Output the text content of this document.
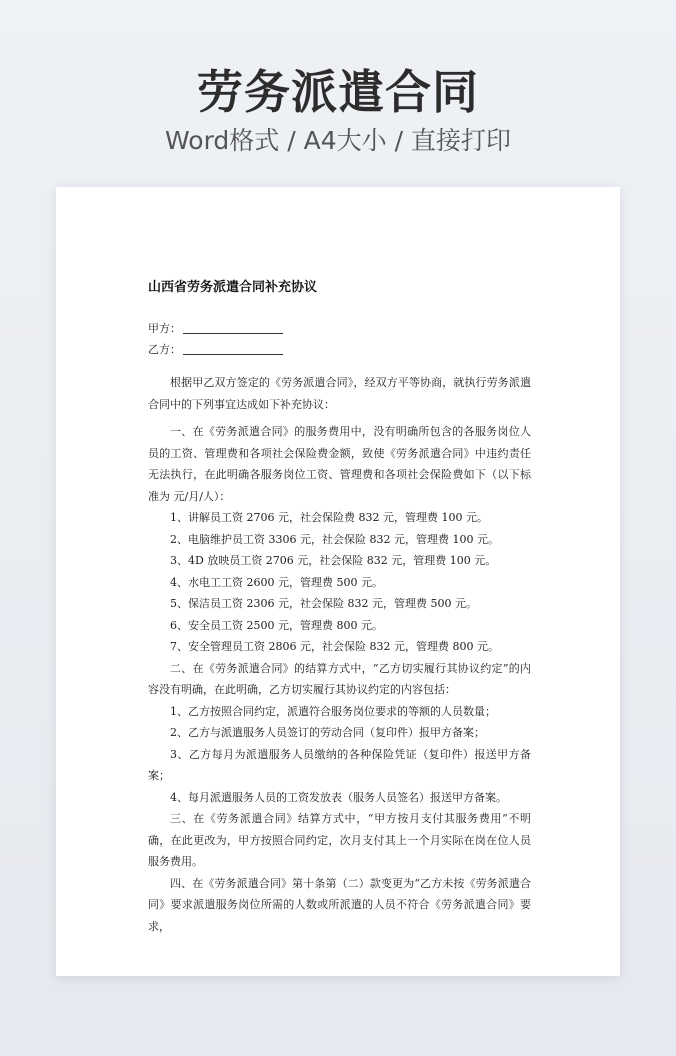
劳务派遣合同
Word格式 / A4大小 / 直接打印
山西省劳务派遣合同补充协议
甲方：
乙方：

根据甲乙双方签定的《劳务派遣合同》，经双方平等协商，就执行劳务派遣合同中的下列事宜达成如下补充协议：

一、在《劳务派遣合同》的服务费用中，没有明确所包含的各服务岗位人员的工资、管理费和各项社会保险费金额，致使《劳务派遣合同》中违约责任无法执行，在此明确各服务岗位工资、管理费和各项社会保险费如下（以下标准为 元/月/人）：

1、讲解员工资 2706 元，社会保险费 832 元，管理费 100 元。

2、电脑维护员工资 3306 元，社会保险 832 元，管理费 100 元。

3、4D 放映员工资 2706 元，社会保险 832 元，管理费 100 元。

4、水电工工资 2600 元，管理费 500 元。

5、保洁员工资 2306 元，社会保险 832 元，管理费 500 元。

6、安全员工资 2500 元，管理费 800 元。

7、安全管理员工资 2806 元，社会保险 832 元，管理费 800 元。

二、在《劳务派遣合同》的结算方式中，“乙方切实履行其协议约定”的内容没有明确，在此明确，乙方切实履行其协议约定的内容包括：

1、乙方按照合同约定，派遣符合服务岗位要求的等额的人员数量；

2、乙方与派遣服务人员签订的劳动合同（复印件）报甲方备案；

3、乙方每月为派遣服务人员缴纳的各种保险凭证（复印件）报送甲方备案；

4、每月派遣服务人员的工资发放表（服务人员签名）报送甲方备案。

三、在《劳务派遣合同》结算方式中，“甲方按月支付其服务费用”不明确，在此更改为，甲方按照合同约定，次月支付其上一个月实际在岗在位人员服务费用。

四、在《劳务派遣合同》第十条第（二）款变更为“乙方未按《劳务派遣合同》要求派遣服务岗位所需的人数或所派遣的人员不符合《劳务派遣合同》要求，
